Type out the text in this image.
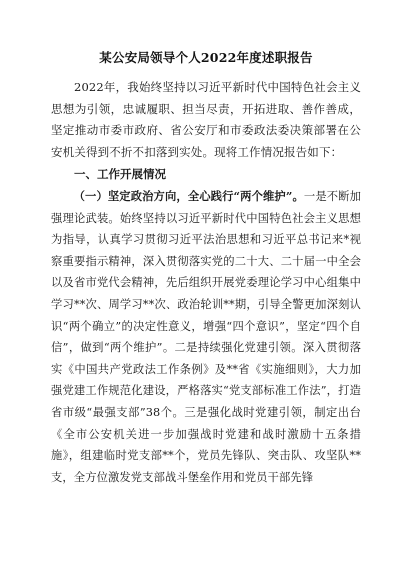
某公安局领导个人2022年度述职报告

2022年，我始终坚持以习近平新时代中国特色社会主义思想为引领，忠诚履职、担当尽责，开拓进取、善作善成，坚定推动市委市政府、省公安厅和市委政法委决策部署在公安机关得到不折不扣落到实处。现将工作情况报告如下：

一、工作开展情况

（一）坚定政治方向，全心践行“两个维护”。一是不断加强理论武装。始终坚持以习近平新时代中国特色社会主义思想为指导，认真学习贯彻习近平法治思想和习近平总书记来*视察重要指示精神，深入贯彻落实党的二十大、二十届一中全会以及省市党代会精神，先后组织开展党委理论学习中心组集中学习**次、周学习**次、政治轮训**期，引导全警更加深刻认识“两个确立”的决定性意义，增强“四个意识”，坚定“四个自信”，做到“两个维护”。二是持续强化党建引领。深入贯彻落实《中国共产党政法工作条例》及**省《实施细则》，大力加强党建工作规范化建设，严格落实“党支部标准工作法”，打造省市级“最强支部”38个。三是强化战时党建引领，制定出台《全市公安机关进一步加强战时党建和战时激励十五条措施》，组建临时党支部**个，党员先锋队、突击队、攻坚队**支，全方位激发党支部战斗堡垒作用和党员干部先锋
